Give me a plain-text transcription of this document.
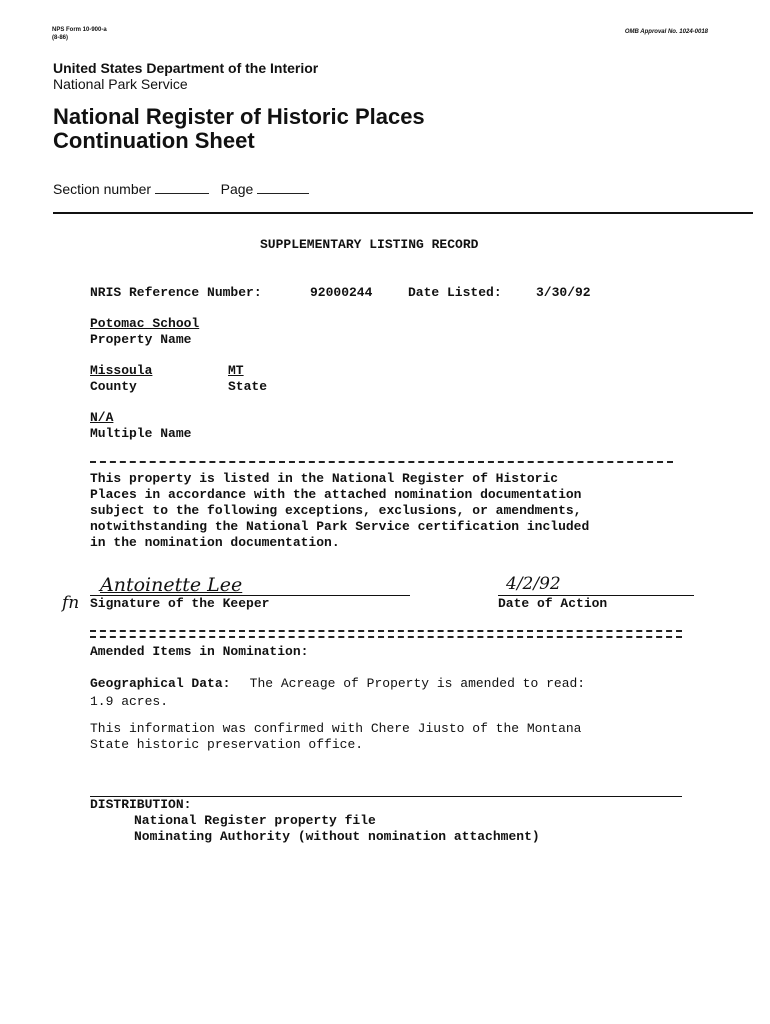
NPS Form 10-900-a
(8-86)
OMB Approval No. 1024-0018
United States Department of the Interior
National Park Service
National Register of Historic Places
Continuation Sheet
Section number	Page
SUPPLEMENTARY LISTING RECORD
NRIS Reference Number:	92000244	Date Listed:	3/30/92
Potomac School
Property Name
Missoula
County
MT
State
N/A
Multiple Name
This property is listed in the National Register of Historic
Places in accordance with the attached nomination documentation
subject to the following exceptions, exclusions, or amendments,
notwithstanding the National Park Service certification included
in the nomination documentation.
Antoinette Lee	4/2/92
fn Signature of the Keeper	Date of Action
Amended Items in Nomination:
Geographical Data: The Acreage of Property is amended to read:
1.9 acres.
This information was confirmed with Chere Jiusto of the Montana
State historic preservation office.
DISTRIBUTION:
National Register property file
Nominating Authority (without nomination attachment)
